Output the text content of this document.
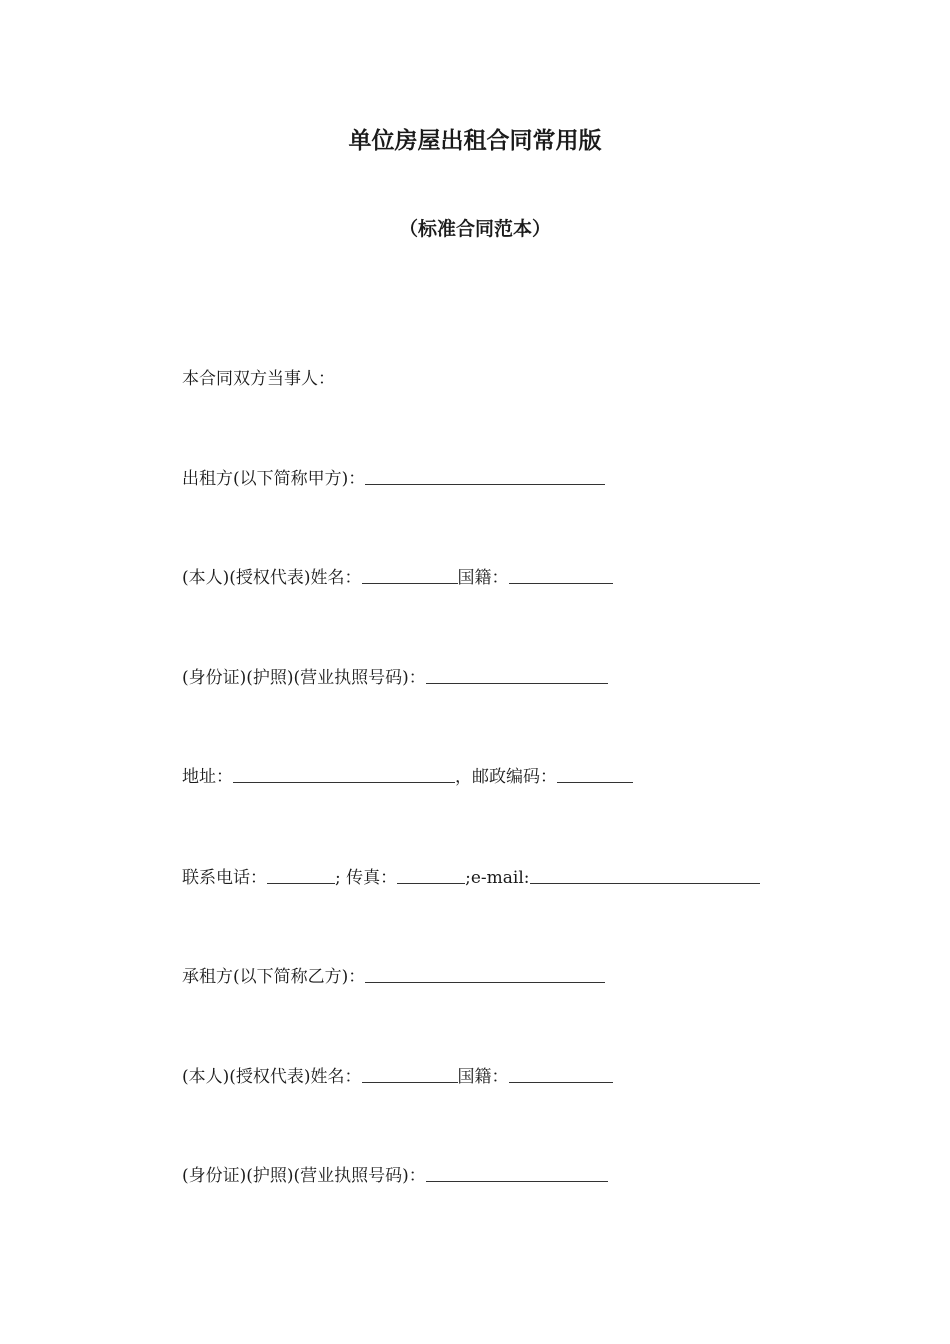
单位房屋出租合同常用版
（标准合同范本）
本合同双方当事人：
出租方(以下简称甲方)：
(本人)(授权代表)姓名：	国籍：
(身份证)(护照)(营业执照号码)：
地址：	，邮政编码：
联系电话：	; 传真：	;e-mail:
承租方(以下简称乙方)：
(本人)(授权代表)姓名：	国籍：
(身份证)(护照)(营业执照号码)：
